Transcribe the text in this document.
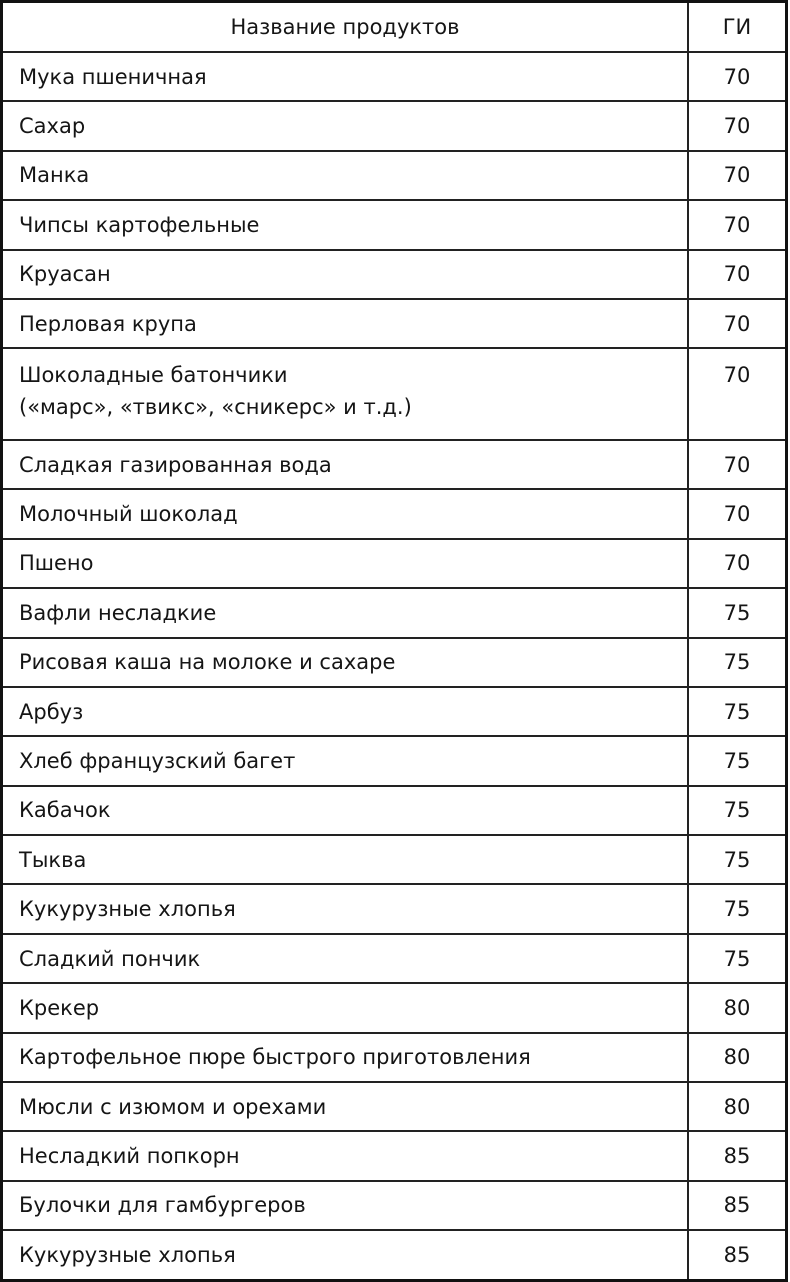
Название продуктов	ГИ

Мука пшеничная	70

Сахар	70

Манка	70

Чипсы картофельные	70

Круасан	70

Перловая крупа	70

Шоколадные батончики
(«марс», «твикс», «сникерс» и т.д.)	70

Сладкая газированная вода	70

Молочный шоколад	70

Пшено	70

Вафли несладкие	75

Рисовая каша на молоке и сахаре	75

Арбуз	75

Хлеб французский багет	75

Кабачок	75

Тыква	75

Кукурузные хлопья	75

Сладкий пончик	75

Крекер	80

Картофельное пюре быстрого приготовления	80

Мюсли с изюмом и орехами	80

Несладкий попкорн	85

Булочки для гамбургеров	85

Кукурузные хлопья	85
